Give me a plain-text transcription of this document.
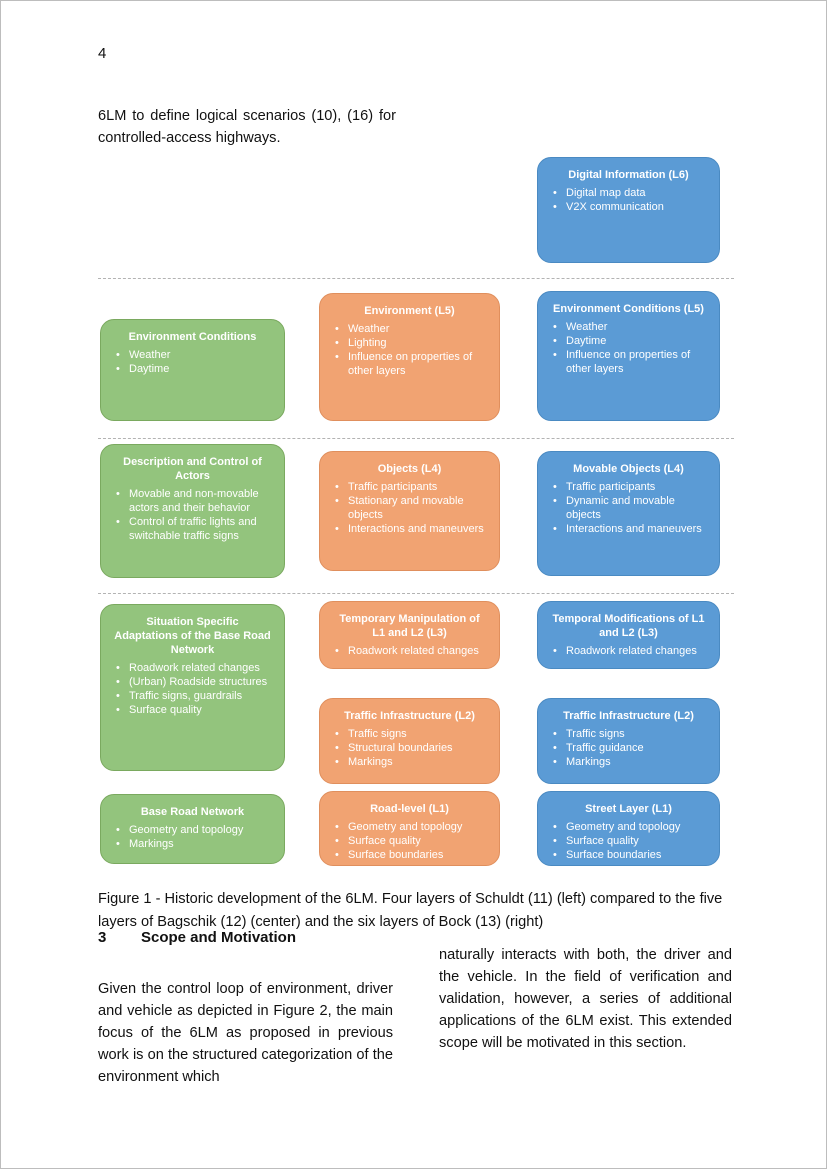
4

6LM to define logical scenarios (10), (16) for controlled-access highways.

Digital Information (L6)
• Digital map data
• V2X communication
Environment Conditions
• Weather
• Daytime
Environment (L5)
• Weather
• Lighting
• Influence on properties of other layers
Environment Conditions (L5)
• Weather
• Daytime
• Influence on properties of other layers
Description and Control of Actors
• Movable and non-movable actors and their behavior
• Control of traffic lights and switchable traffic signs
Objects (L4)
• Traffic participants
• Stationary and movable objects
• Interactions and maneuvers
Movable Objects (L4)
• Traffic participants
• Dynamic and movable objects
• Interactions and maneuvers
Situation Specific Adaptations of the Base Road Network
• Roadwork related changes
• (Urban) Roadside structures
• Traffic signs, guardrails
• Surface quality
Temporary Manipulation of L1 and L2 (L3)
• Roadwork related changes
Temporal Modifications of L1 and L2 (L3)
• Roadwork related changes
Traffic Infrastructure (L2)
• Traffic signs
• Structural boundaries
• Markings
Traffic Infrastructure (L2)
• Traffic signs
• Traffic guidance
• Markings
Base Road Network
• Geometry and topology
• Markings
Road-level (L1)
• Geometry and topology
• Surface quality
• Surface boundaries
Street Layer (L1)
• Geometry and topology
• Surface quality
• Surface boundaries

Figure 1 - Historic development of the 6LM. Four layers of Schuldt (11) (left) compared to the five layers of Bagschik (12) (center) and the six layers of Bock (13) (right)

3 Scope and Motivation

Given the control loop of environment, driver and vehicle as depicted in Figure 2, the main focus of the 6LM as proposed in previous work is on the structured categorization of the environment which

naturally interacts with both, the driver and the vehicle. In the field of verification and validation, however, a series of additional applications of the 6LM exist. This extended scope will be motivated in this section.
